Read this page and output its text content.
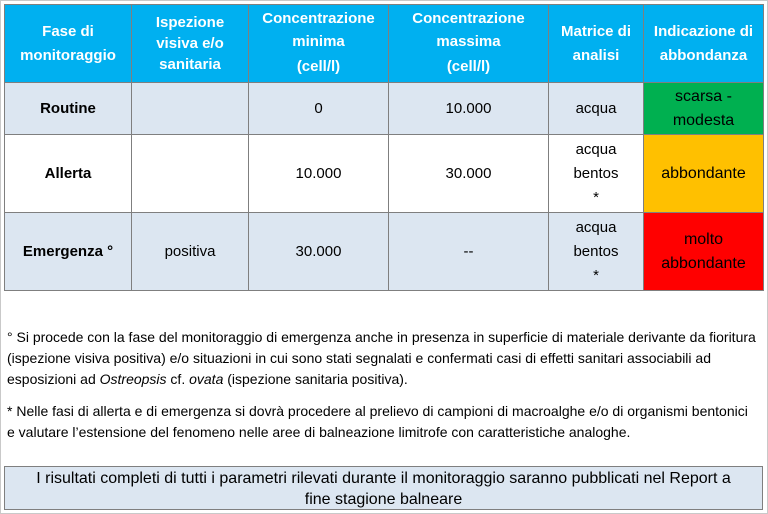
Fase di
monitoraggio	Ispezione
visiva e/o
sanitaria	Concentrazione
minima
(cell/l)	Concentrazione
massima
(cell/l)	Matrice di
analisi	Indicazione di
abbondanza

Routine		0	10.000	acqua	scarsa -
modesta

Allerta		10.000	30.000	acqua
bentos
*	abbondante

Emergenza °	positiva	30.000	--	acqua
bentos
*	molto
abbondante

° Si procede con la fase del monitoraggio di emergenza anche in presenza in superficie di materiale derivante da fioritura (ispezione visiva positiva) e/o situazioni in cui sono stati segnalati e confermati casi di effetti sanitari associabili ad esposizioni ad Ostreopsis cf. ovata (ispezione sanitaria positiva).

* Nelle fasi di allerta e di emergenza si dovrà procedere al prelievo di campioni di macroalghe e/o di organismi bentonici e valutare l’estensione del fenomeno nelle aree di balneazione limitrofe con caratteristiche analoghe.

I risultati completi di tutti i parametri rilevati durante il monitoraggio saranno pubblicati nel Report a
fine stagione balneare
